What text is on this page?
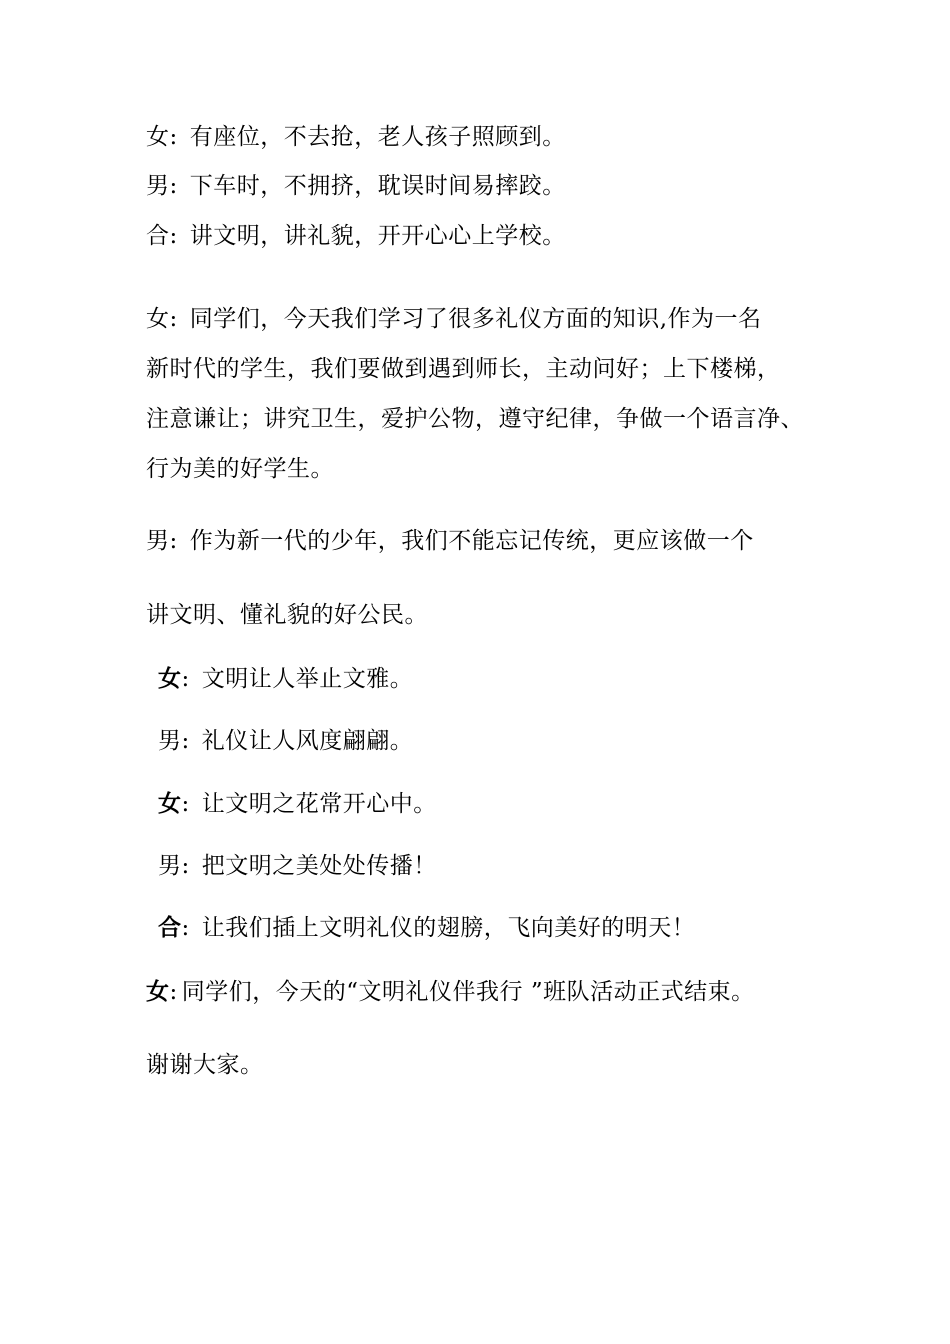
女: 有座位，不去抢，老人孩子照顾到。
男: 下车时，不拥挤，耽误时间易摔跤。
合: 讲文明，讲礼貌，开开心心上学校。
女: 同学们，今天我们学习了很多礼仪方面的知识,作为一名
新时代的学生，我们要做到遇到师长，主动问好；上下楼梯，
注意谦让；讲究卫生，爱护公物，遵守纪律，争做一个语言净、
行为美的好学生。
男: 作为新一代的少年，我们不能忘记传统，更应该做一个
讲文明、懂礼貌的好公民。
女: 文明让人举止文雅。
男: 礼仪让人风度翩翩。
女: 让文明之花常开心中。
男: 把文明之美处处传播！
合: 让我们插上文明礼仪的翅膀，飞向美好的明天！
女: 同学们，今天的“文明礼仪伴我行 ”班队活动正式结束。
谢谢大家。
